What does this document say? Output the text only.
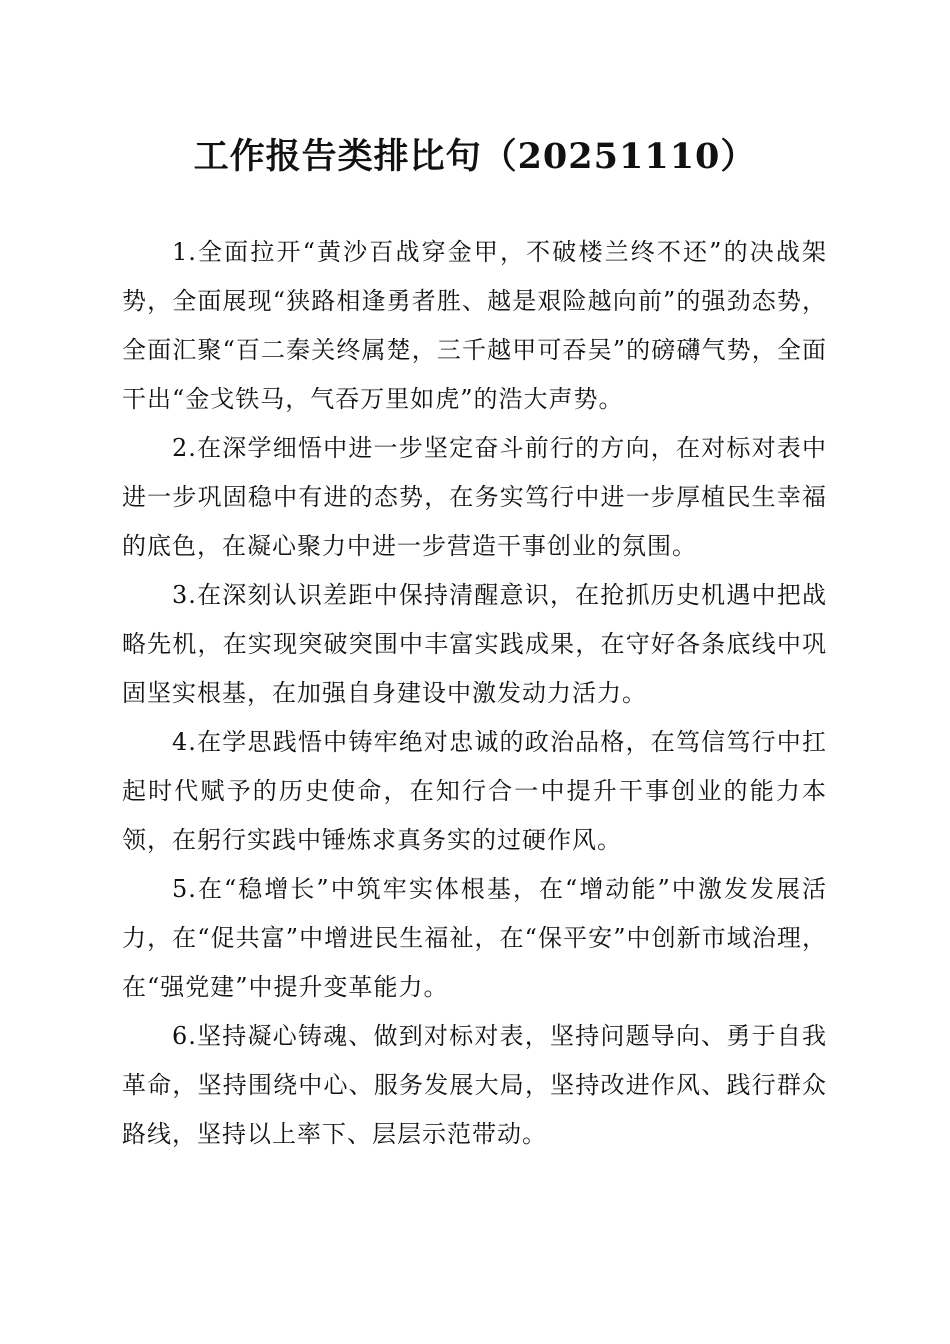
工作报告类排比句（20251110）

1.全面拉开“黄沙百战穿金甲，不破楼兰终不还”的决战架势，全面展现“狭路相逢勇者胜、越是艰险越向前”的强劲态势，全面汇聚“百二秦关终属楚，三千越甲可吞吴”的磅礴气势，全面干出“金戈铁马，气吞万里如虎”的浩大声势。

2.在深学细悟中进一步坚定奋斗前行的方向，在对标对表中进一步巩固稳中有进的态势，在务实笃行中进一步厚植民生幸福的底色，在凝心聚力中进一步营造干事创业的氛围。

3.在深刻认识差距中保持清醒意识，在抢抓历史机遇中把战略先机，在实现突破突围中丰富实践成果，在守好各条底线中巩固坚实根基，在加强自身建设中激发动力活力。

4.在学思践悟中铸牢绝对忠诚的政治品格，在笃信笃行中扛起时代赋予的历史使命，在知行合一中提升干事创业的能力本领，在躬行实践中锤炼求真务实的过硬作风。

5.在“稳增长”中筑牢实体根基，在“增动能”中激发发展活力，在“促共富”中增进民生福祉，在“保平安”中创新市域治理，在“强党建”中提升变革能力。

6.坚持凝心铸魂、做到对标对表，坚持问题导向、勇于自我革命，坚持围绕中心、服务发展大局，坚持改进作风、践行群众路线，坚持以上率下、层层示范带动。
